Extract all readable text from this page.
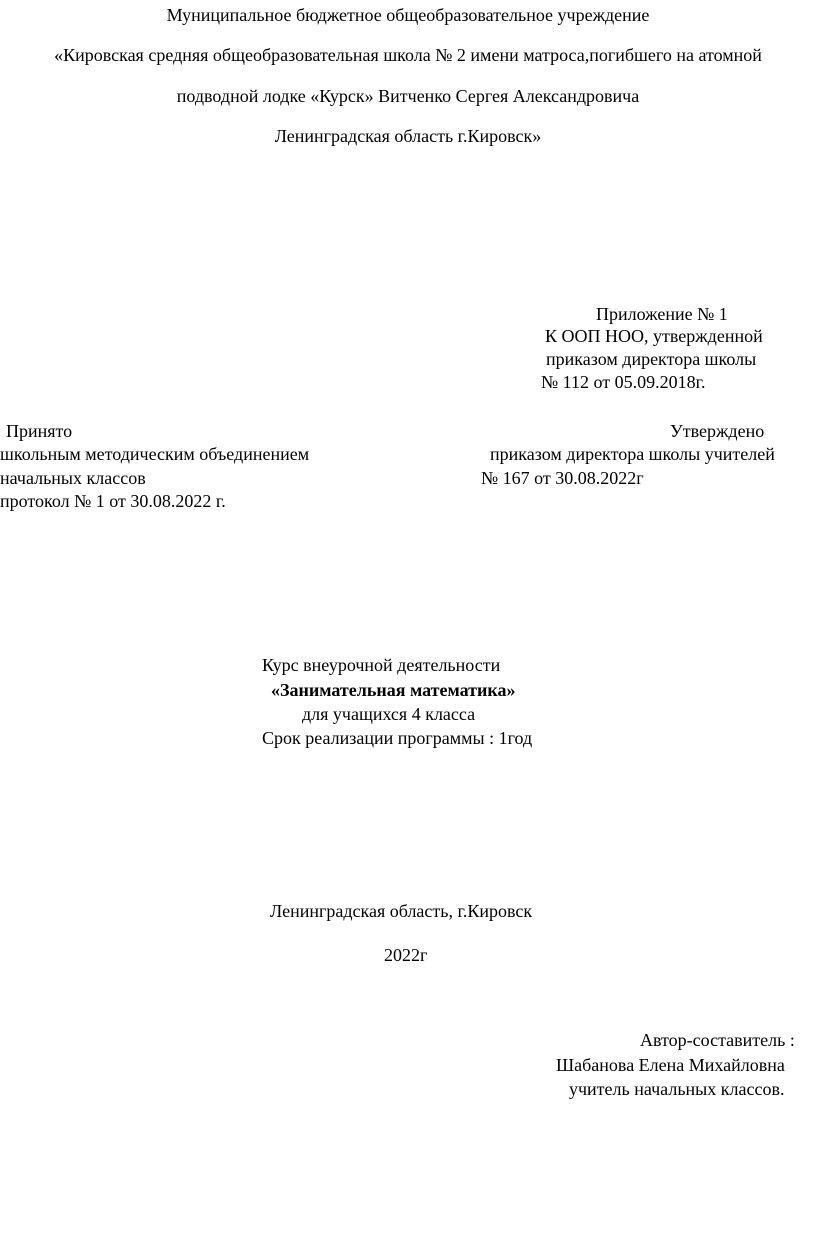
Муниципальное бюджетное общеобразовательное учреждение
«Кировская средняя общеобразовательная школа № 2 имени матроса,погибшего на атомной
подводной лодке «Курск» Витченко Сергея Александровича
Ленинградская область г.Кировск»
Приложение № 1
К ООП НОО, утвержденной
приказом директора школы
№ 112 от 05.09.2018г.
Принято
школьным методическим объединением
начальных классов
протокол № 1 от 30.08.2022 г.
Утверждено
приказом директора школы учителей
№ 167 от 30.08.2022г
Курс внеурочной деятельности
«Занимательная математика»
для учащихся 4 класса
Срок реализации программы : 1год
Ленинградская область, г.Кировск
2022г
Автор-составитель :
Шабанова Елена Михайловна
учитель начальных классов.
